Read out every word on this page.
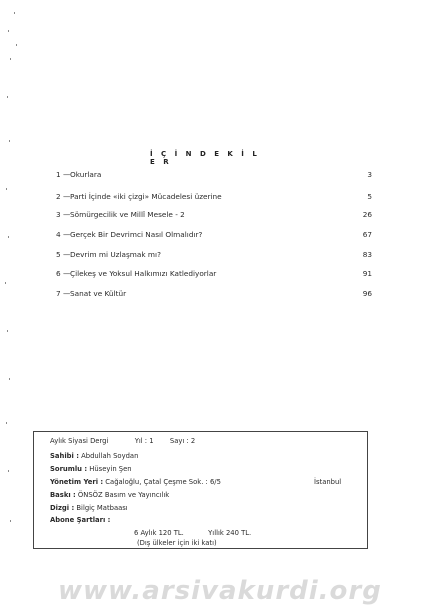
İ Ç İ N D E K İ L E R
1 — Okurlara	3
2 — Parti İçinde «iki çizgi» Mücadelesi üzerine	5
3 — Sömürgecilik ve Millî Mesele - 2	26
4 — Gerçek Bir Devrimci Nasıl Olmalıdır?	67
5 — Devrim mi Uzlaşmak mı?	83
6 — Çilekeş ve Yoksul Halkımızı Katlediyorlar	91
7 — Sanat ve Kültür	96
Aylık Siyasi Dergi	Yıl : 1 Sayı : 2
Sahibi : Abdullah Soydan
Sorumlu : Hüseyin Şen
Yönetim Yeri : Cağaloğlu, Çatal Çeşme Sok. : 6/5	İstanbul
Baskı : ÖNSÖZ Basım ve Yayıncılık
Dizgi : Bilgiç Matbaası
Abone Şartları :
6 Aylık 120 TL.	Yıllık 240 TL.
(Dış ülkeler için iki katı)
www.arsivakurdi.org
